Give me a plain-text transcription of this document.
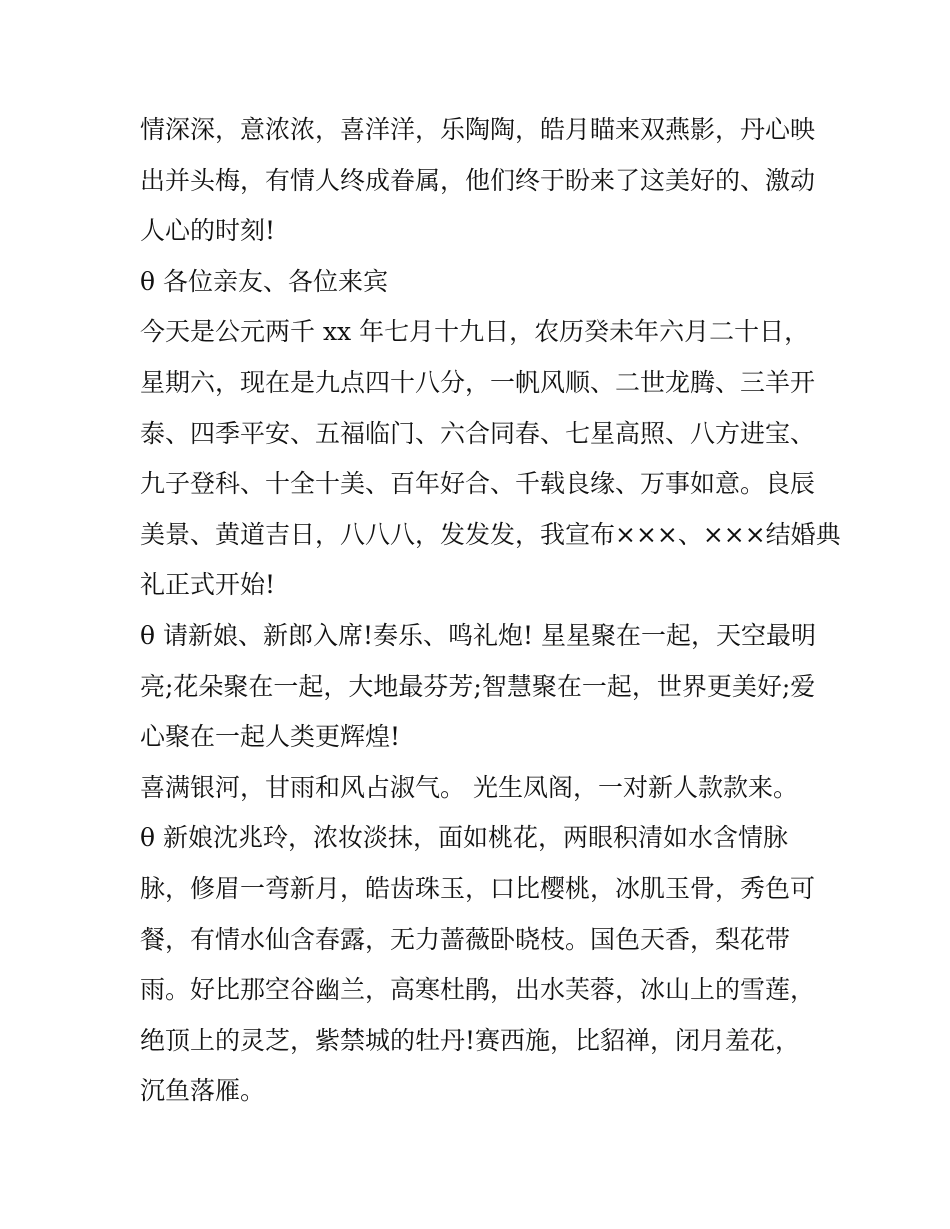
情深深，意浓浓，喜洋洋，乐陶陶，皓月瞄来双燕影，丹心映
出并头梅，有情人终成眷属，他们终于盼来了这美好的、激动
人心的时刻!
θ 各位亲友、各位来宾
今天是公元两千 xx 年七月十九日，农历癸未年六月二十日，
星期六，现在是九点四十八分，一帆风顺、二世龙腾、三羊开
泰、四季平安、五福临门、六合同春、七星高照、八方进宝、
九子登科、十全十美、百年好合、千载良缘、万事如意。良辰
美景、黄道吉日，八八八，发发发，我宣布×××、×××结婚典
礼正式开始!
θ 请新娘、新郎入席!奏乐、鸣礼炮! 星星聚在一起，天空最明
亮;花朵聚在一起，大地最芬芳;智慧聚在一起，世界更美好;爱
心聚在一起人类更辉煌!
喜满银河，甘雨和风占淑气。 光生凤阁，一对新人款款来。
θ 新娘沈兆玲，浓妆淡抹，面如桃花，两眼积清如水含情脉
脉，修眉一弯新月，皓齿珠玉，口比樱桃，冰肌玉骨，秀色可
餐，有情水仙含春露，无力蔷薇卧晓枝。国色天香，梨花带
雨。好比那空谷幽兰，高寒杜鹃，出水芙蓉，冰山上的雪莲，
绝顶上的灵芝，紫禁城的牡丹!赛西施，比貂禅，闭月羞花，
沉鱼落雁。
